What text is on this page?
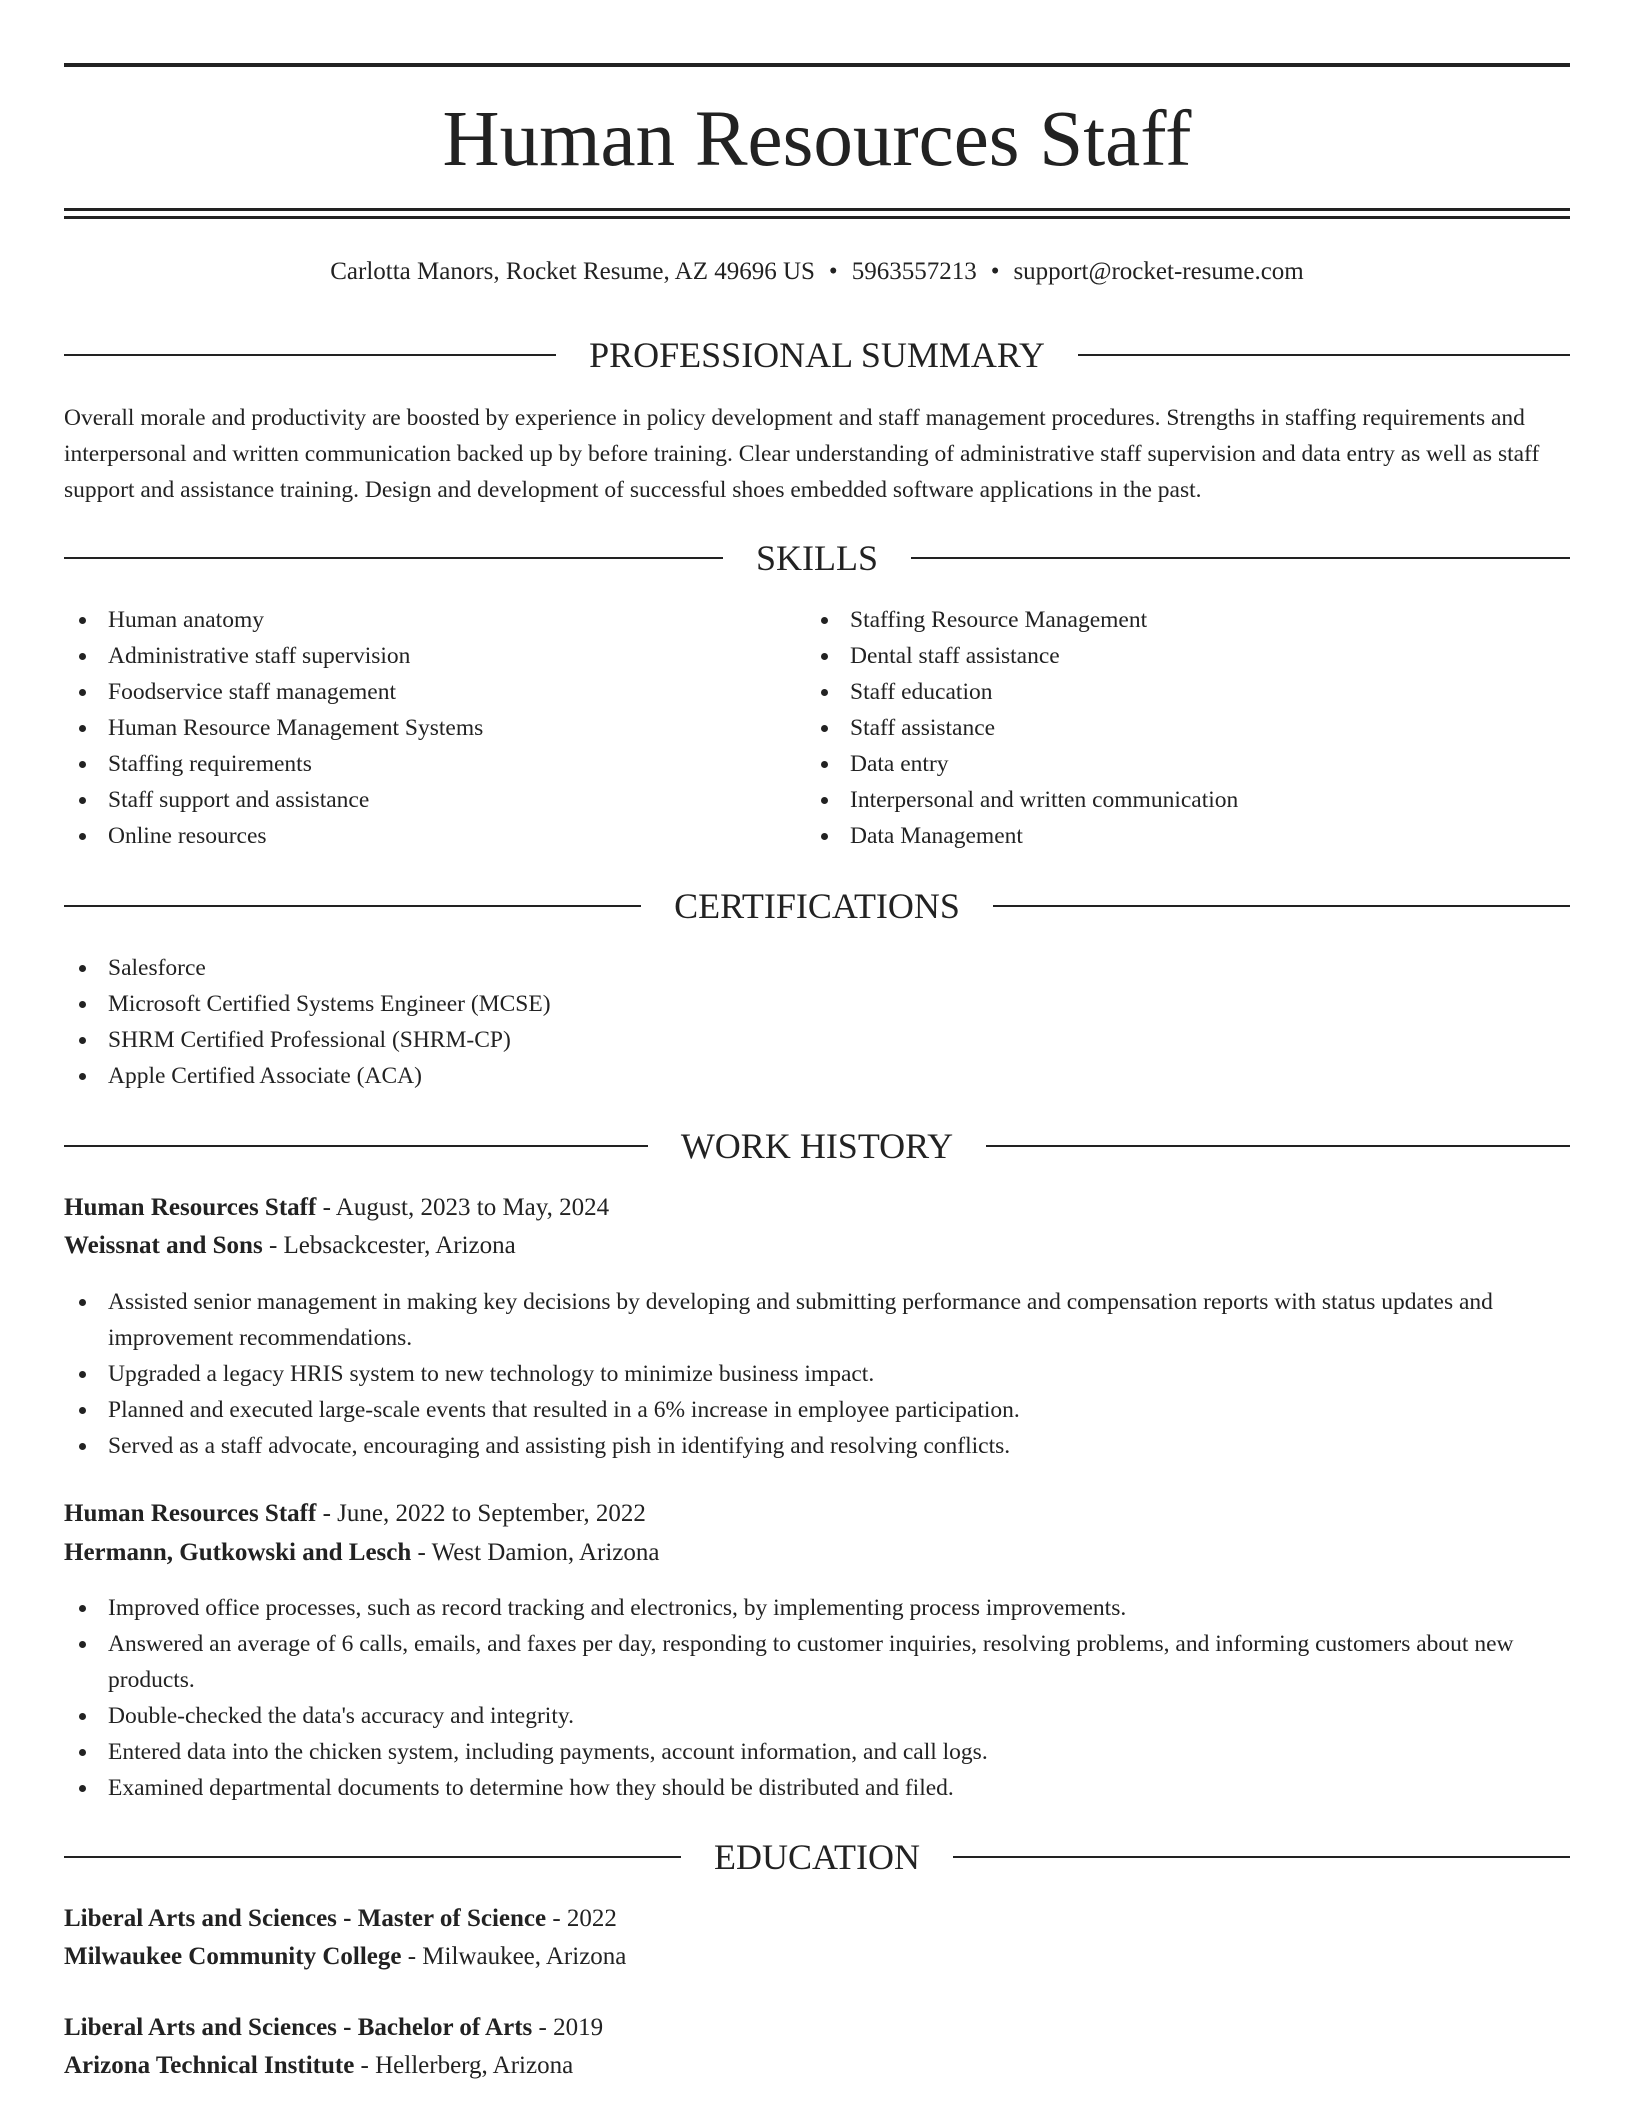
Human Resources Staff
Carlotta Manors, Rocket Resume, AZ 49696 US • 5963557213 • support@rocket-resume.com
PROFESSIONAL SUMMARY

Overall morale and productivity are boosted by experience in policy development and staff management procedures. Strengths in staffing requirements and interpersonal and written communication backed up by before training. Clear understanding of administrative staff supervision and data entry as well as staff support and assistance training. Design and development of successful shoes embedded software applications in the past.

SKILLS
Human anatomy
Administrative staff supervision
Foodservice staff management
Human Resource Management Systems
Staffing requirements
Staff support and assistance
Online resources
Staffing Resource Management
Dental staff assistance
Staff education
Staff assistance
Data entry
Interpersonal and written communication
Data Management
CERTIFICATIONS
Salesforce
Microsoft Certified Systems Engineer (MCSE)
SHRM Certified Professional (SHRM-CP)
Apple Certified Associate (ACA)
WORK HISTORY
Human Resources Staff - August, 2023 to May, 2024
Weissnat and Sons - Lebsackcester, Arizona
Assisted senior management in making key decisions by developing and submitting performance and compensation reports with status updates and improvement recommendations.
Upgraded a legacy HRIS system to new technology to minimize business impact.
Planned and executed large-scale events that resulted in a 6% increase in employee participation.
Served as a staff advocate, encouraging and assisting pish in identifying and resolving conflicts.
Human Resources Staff - June, 2022 to September, 2022
Hermann, Gutkowski and Lesch - West Damion, Arizona
Improved office processes, such as record tracking and electronics, by implementing process improvements.
Answered an average of 6 calls, emails, and faxes per day, responding to customer inquiries, resolving problems, and informing customers about new products.
Double-checked the data's accuracy and integrity.
Entered data into the chicken system, including payments, account information, and call logs.
Examined departmental documents to determine how they should be distributed and filed.
EDUCATION
Liberal Arts and Sciences - Master of Science - 2022
Milwaukee Community College - Milwaukee, Arizona
Liberal Arts and Sciences - Bachelor of Arts - 2019
Arizona Technical Institute - Hellerberg, Arizona
